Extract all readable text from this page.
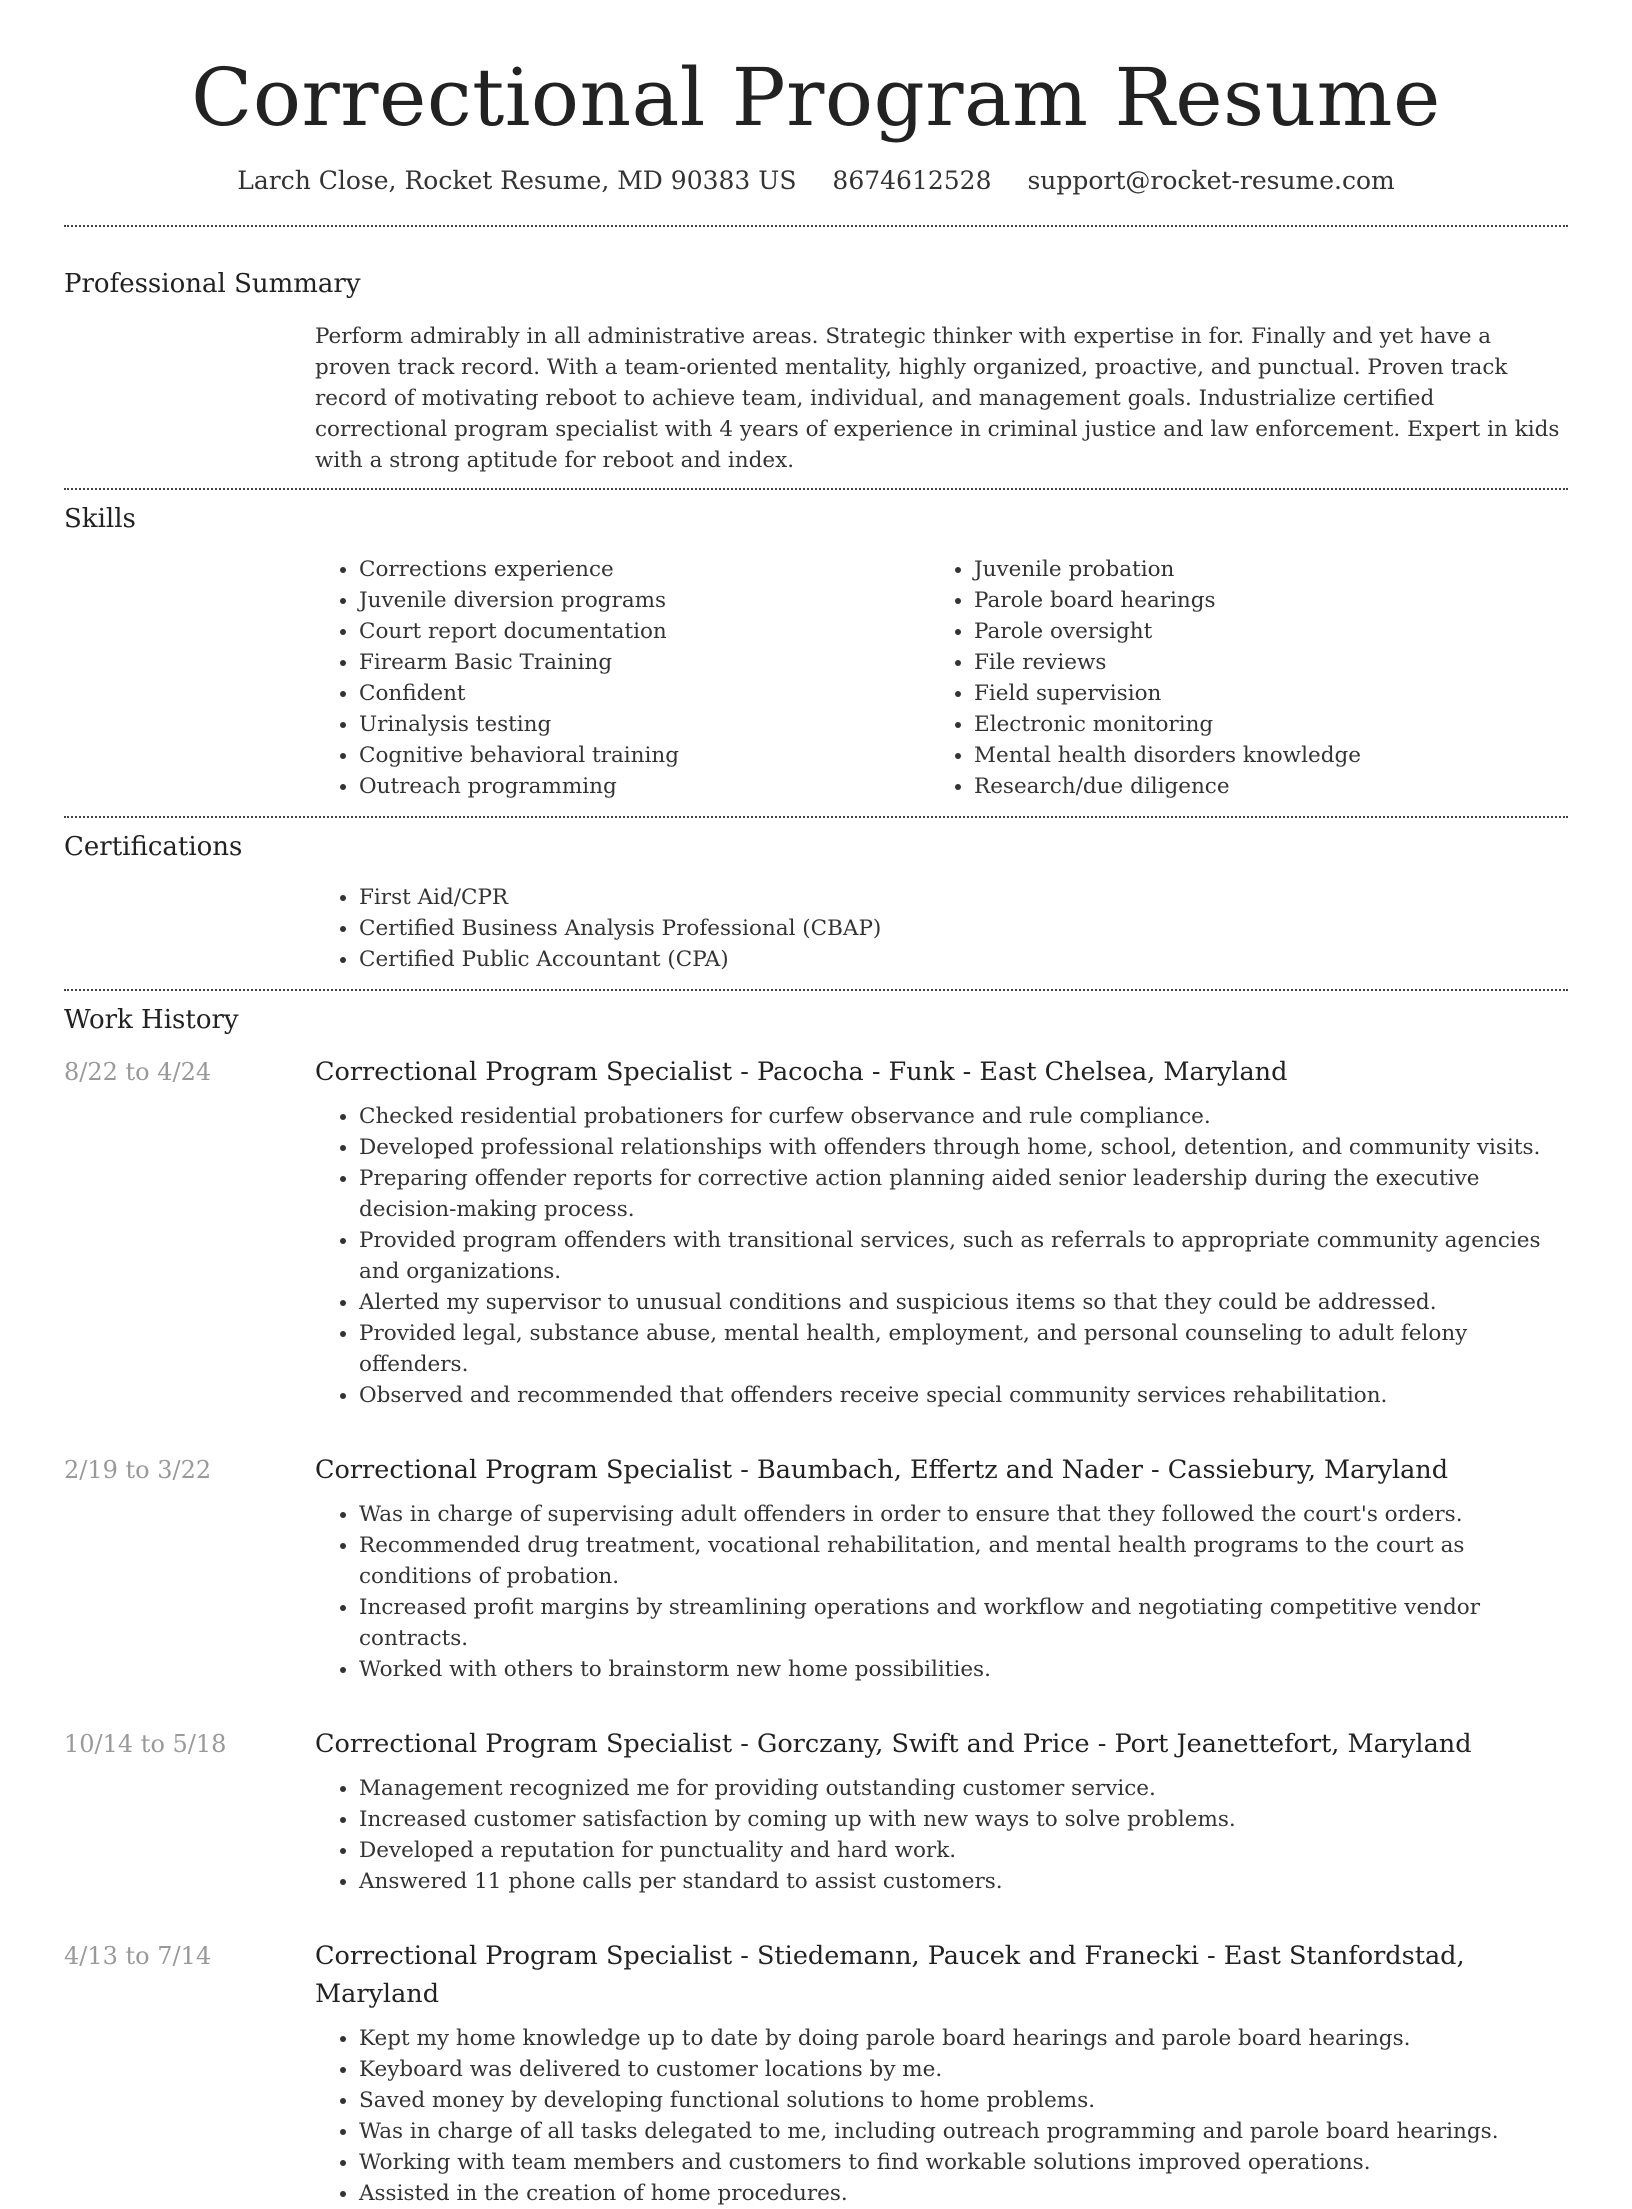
Correctional Program Resume
Larch Close, Rocket Resume, MD 90383 US 8674612528 support@rocket-resume.com
Professional Summary
Perform admirably in all administrative areas. Strategic thinker with expertise in for. Finally and yet have a proven track record. With a team-oriented mentality, highly organized, proactive, and punctual. Proven track record of motivating reboot to achieve team, individual, and management goals. Industrialize certified correctional program specialist with 4 years of experience in criminal justice and law enforcement. Expert in kids with a strong aptitude for reboot and index.
Skills
• Corrections experience
• Juvenile diversion programs
• Court report documentation
• Firearm Basic Training
• Confident
• Urinalysis testing
• Cognitive behavioral training
• Outreach programming
• Juvenile probation
• Parole board hearings
• Parole oversight
• File reviews
• Field supervision
• Electronic monitoring
• Mental health disorders knowledge
• Research/due diligence
Certifications
• First Aid/CPR
• Certified Business Analysis Professional (CBAP)
• Certified Public Accountant (CPA)
Work History
8/22 to 4/24	Correctional Program Specialist - Pacocha - Funk - East Chelsea, Maryland
• Checked residential probationers for curfew observance and rule compliance.
• Developed professional relationships with offenders through home, school, detention, and community visits.
• Preparing offender reports for corrective action planning aided senior leadership during the executive decision-making process.
• Provided program offenders with transitional services, such as referrals to appropriate community agencies and organizations.
• Alerted my supervisor to unusual conditions and suspicious items so that they could be addressed.
• Provided legal, substance abuse, mental health, employment, and personal counseling to adult felony offenders.
• Observed and recommended that offenders receive special community services rehabilitation.
2/19 to 3/22	Correctional Program Specialist - Baumbach, Effertz and Nader - Cassiebury, Maryland
• Was in charge of supervising adult offenders in order to ensure that they followed the court's orders.
• Recommended drug treatment, vocational rehabilitation, and mental health programs to the court as conditions of probation.
• Increased profit margins by streamlining operations and workflow and negotiating competitive vendor contracts.
• Worked with others to brainstorm new home possibilities.
10/14 to 5/18	Correctional Program Specialist - Gorczany, Swift and Price - Port Jeanettefort, Maryland
• Management recognized me for providing outstanding customer service.
• Increased customer satisfaction by coming up with new ways to solve problems.
• Developed a reputation for punctuality and hard work.
• Answered 11 phone calls per standard to assist customers.
4/13 to 7/14	Correctional Program Specialist - Stiedemann, Paucek and Franecki - East Stanfordstad, Maryland
• Kept my home knowledge up to date by doing parole board hearings and parole board hearings.
• Keyboard was delivered to customer locations by me.
• Saved money by developing functional solutions to home problems.
• Was in charge of all tasks delegated to me, including outreach programming and parole board hearings.
• Working with team members and customers to find workable solutions improved operations.
• Assisted in the creation of home procedures.
